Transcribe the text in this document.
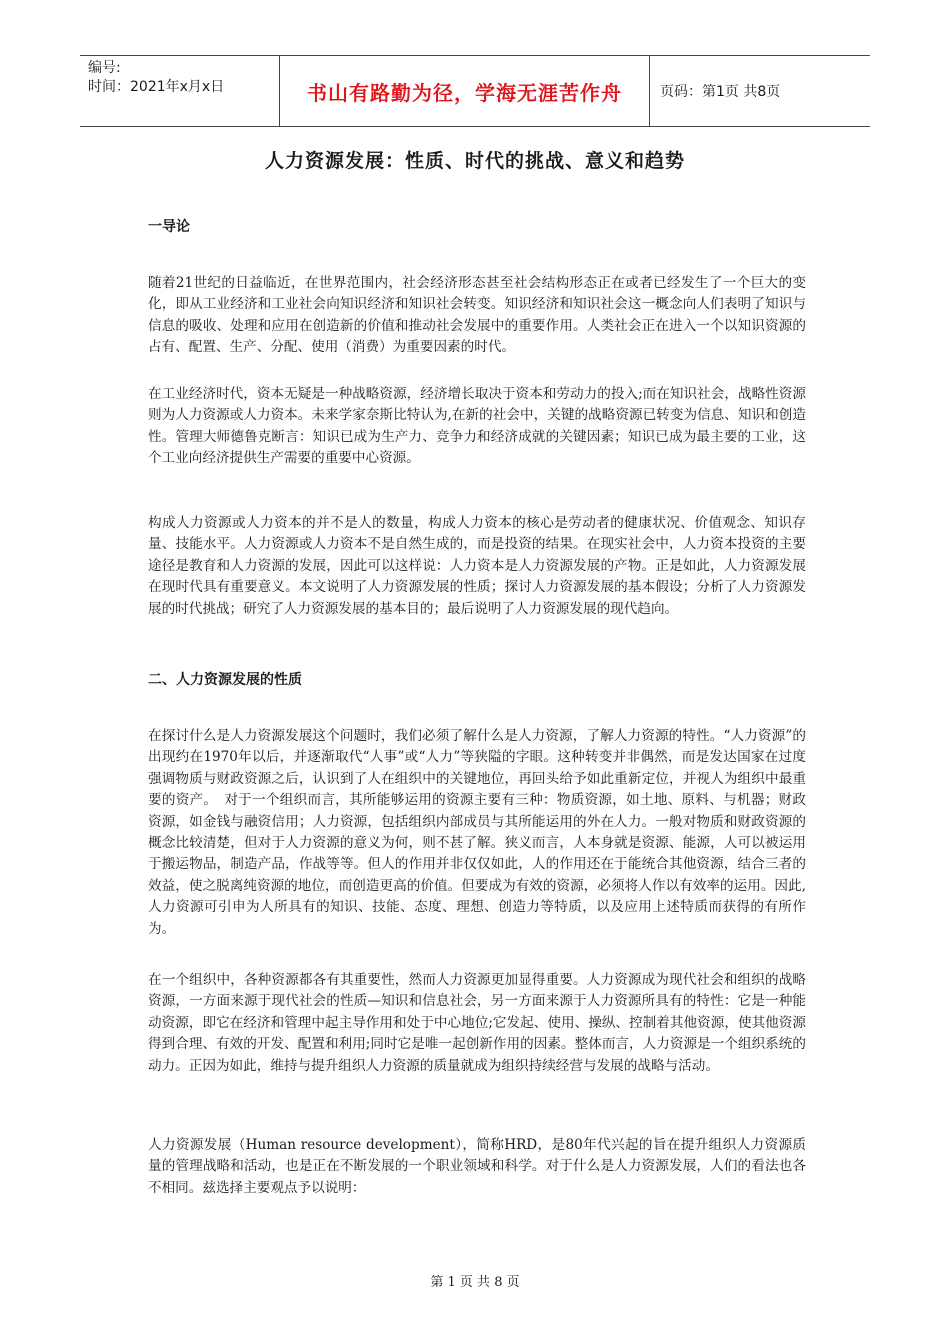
编号:
时间：2021年x月x日	书山有路勤为径，学海无涯苦作舟	页码：第1页 共8页
人力资源发展：性质、时代的挑战、意义和趋势
一导论

随着21世纪的日益临近，在世界范围内，社会经济形态甚至社会结构形态正在或者已经发生了一个巨大的变化，即从工业经济和工业社会向知识经济和知识社会转变。知识经济和知识社会这一概念向人们表明了知识与信息的吸收、处理和应用在创造新的价值和推动社会发展中的重要作用。人类社会正在进入一个以知识资源的占有、配置、生产、分配、使用（消费）为重要因素的时代。

在工业经济时代，资本无疑是一种战略资源，经济增长取决于资本和劳动力的投入;而在知识社会，战略性资源则为人力资源或人力资本。未来学家奈斯比特认为,在新的社会中，关键的战略资源已转变为信息、知识和创造性。管理大师德鲁克断言：知识已成为生产力、竞争力和经济成就的关键因素；知识已成为最主要的工业，这个工业向经济提供生产需要的重要中心资源。

构成人力资源或人力资本的并不是人的数量，构成人力资本的核心是劳动者的健康状况、价值观念、知识存量、技能水平。人力资源或人力资本不是自然生成的，而是投资的结果。在现实社会中，人力资本投资的主要途径是教育和人力资源的发展，因此可以这样说：人力资本是人力资源发展的产物。正是如此，人力资源发展在现时代具有重要意义。本文说明了人力资源发展的性质；探讨人力资源发展的基本假设；分析了人力资源发展的时代挑战；研究了人力资源发展的基本目的；最后说明了人力资源发展的现代趋向。

二、人力资源发展的性质

在探讨什么是人力资源发展这个问题时，我们必须了解什么是人力资源，了解人力资源的特性。“人力资源”的出现约在1970年以后，并逐渐取代“人事”或“人力”等狭隘的字眼。这种转变并非偶然，而是发达国家在过度强调物质与财政资源之后，认识到了人在组织中的关键地位，再回头给予如此重新定位，并视人为组织中最重要的资产。　对于一个组织而言，其所能够运用的资源主要有三种：物质资源，如土地、原料、与机器；财政资源，如金钱与融资信用；人力资源，包括组织内部成员与其所能运用的外在人力。一般对物质和财政资源的概念比较清楚，但对于人力资源的意义为何，则不甚了解。狭义而言，人本身就是资源、能源，人可以被运用于搬运物品，制造产品，作战等等。但人的作用并非仅仅如此，人的作用还在于能统合其他资源，结合三者的效益，使之脱离纯资源的地位，而创造更高的价值。但要成为有效的资源，必须将人作以有效率的运用。因此,人力资源可引申为人所具有的知识、技能、态度、理想、创造力等特质，以及应用上述特质而获得的有所作为。

在一个组织中，各种资源都各有其重要性，然而人力资源更加显得重要。人力资源成为现代社会和组织的战略资源，一方面来源于现代社会的性质—知识和信息社会，另一方面来源于人力资源所具有的特性：它是一种能动资源，即它在经济和管理中起主导作用和处于中心地位;它发起、使用、操纵、控制着其他资源，使其他资源得到合理、有效的开发、配置和利用;同时它是唯一起创新作用的因素。整体而言，人力资源是一个组织系统的动力。正因为如此，维持与提升组织人力资源的质量就成为组织持续经营与发展的战略与活动。

人力资源发展（Human resource development），简称HRD，是80年代兴起的旨在提升组织人力资源质量的管理战略和活动，也是正在不断发展的一个职业领域和科学。对于什么是人力资源发展，人们的看法也各不相同。兹选择主要观点予以说明：

第 1 页 共 8 页
